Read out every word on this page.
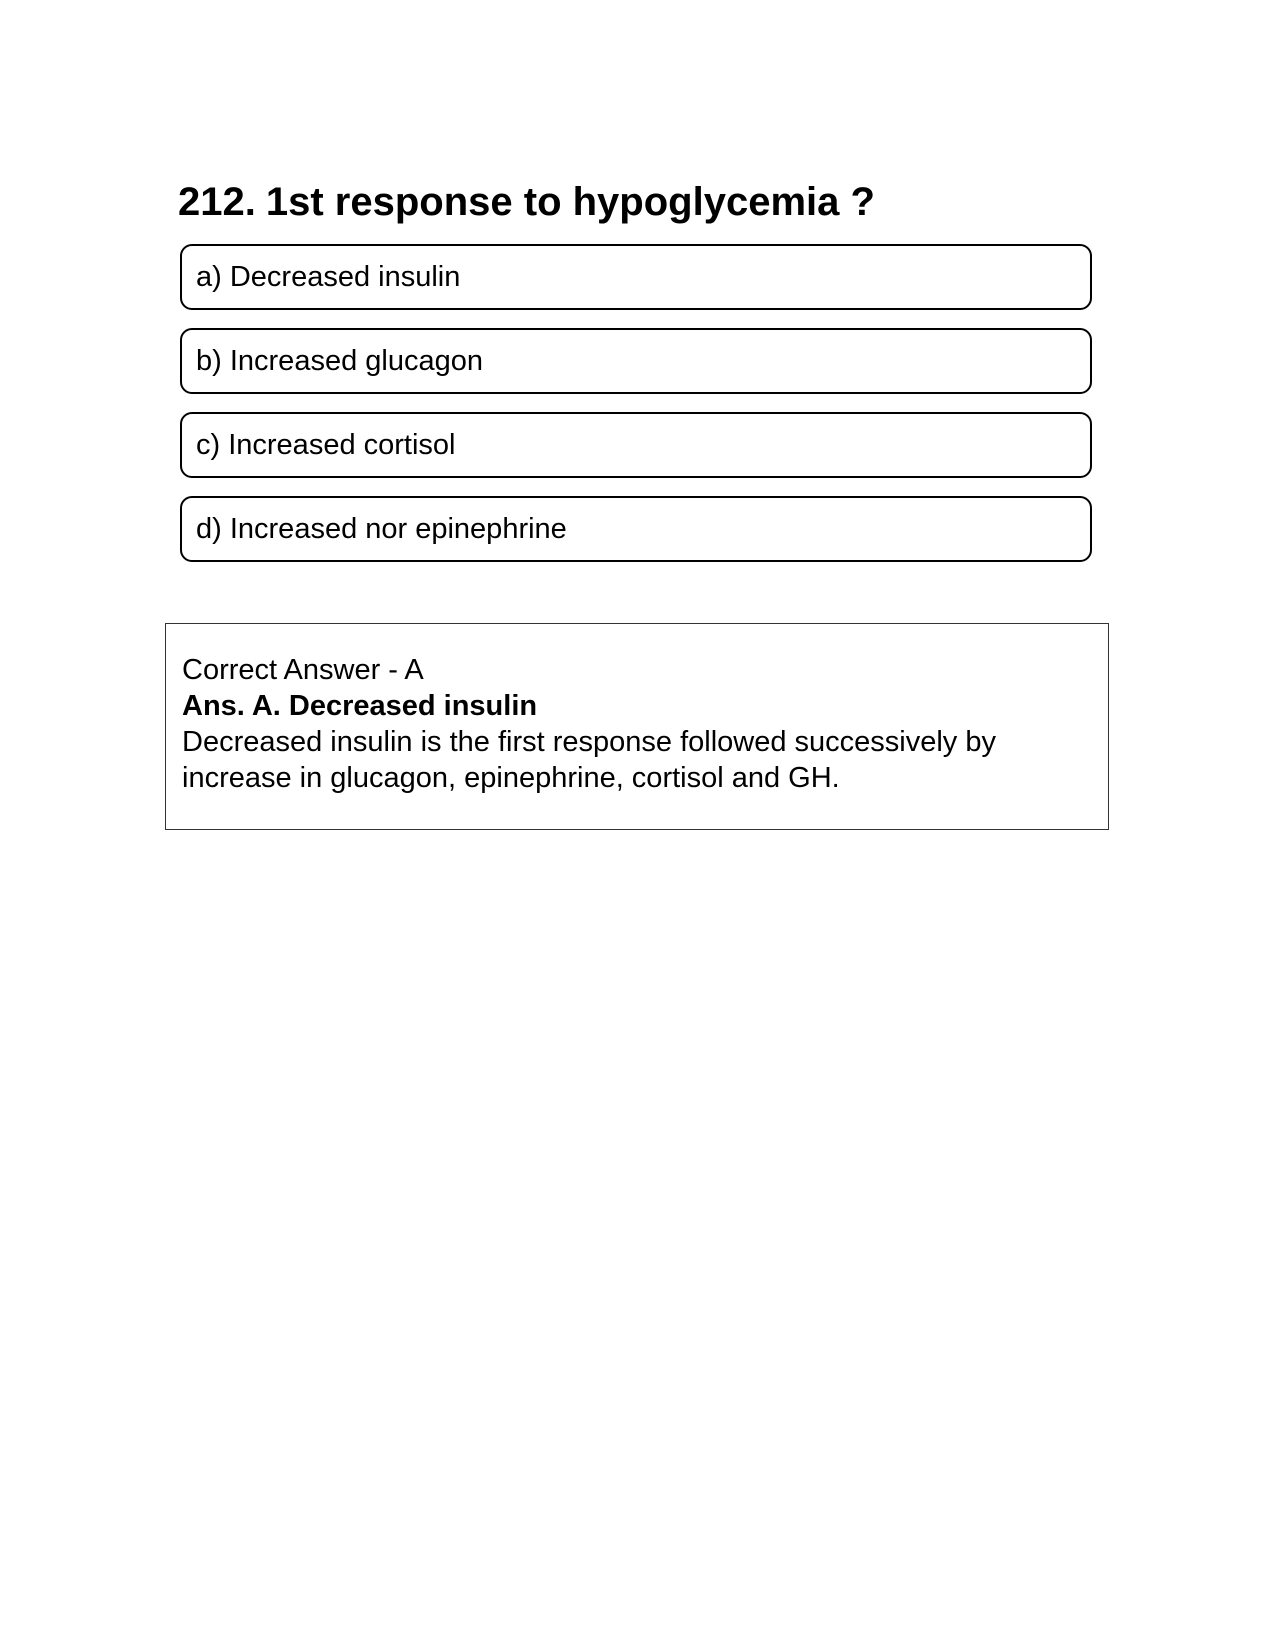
212. 1st response to hypoglycemia ?
a) Decreased insulin
b) Increased glucagon
c) Increased cortisol
d) Increased nor epinephrine

Correct Answer - A

Ans. A. Decreased insulin

Decreased insulin is the first response followed successively by increase in glucagon, epinephrine, cortisol and GH.
